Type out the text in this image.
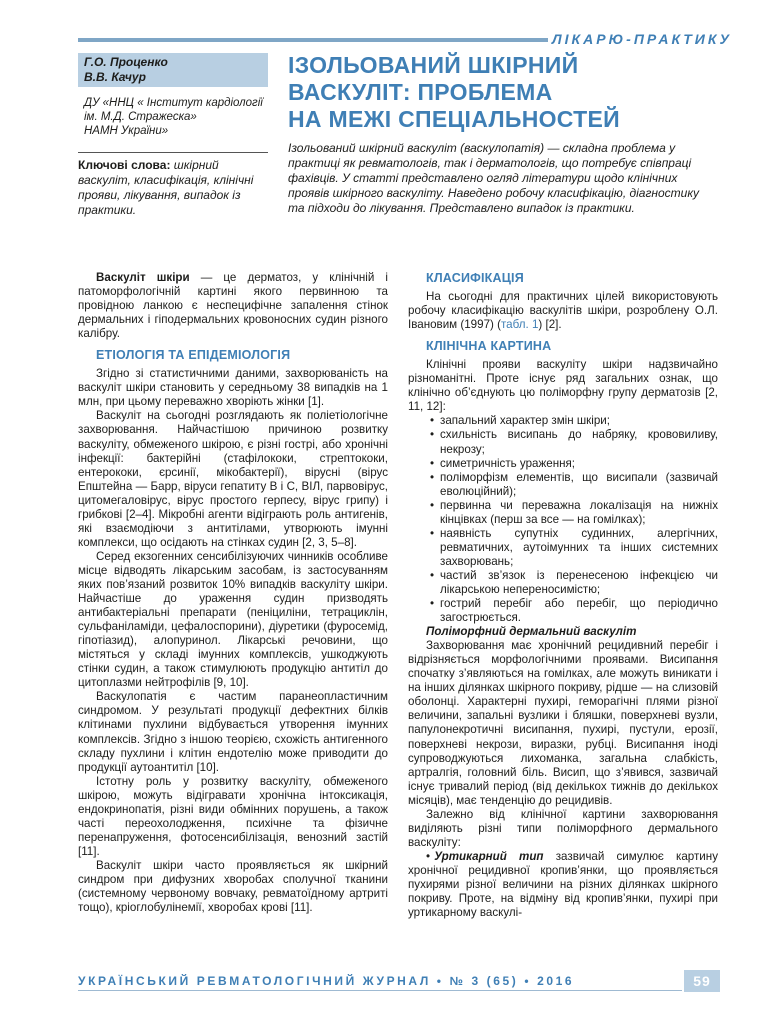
ЛІКАРЮ-ПРАКТИКУ
Г.О. Проценко
В.В. Качур
ДУ «ННЦ « Інститут кардіології
ім. М.Д. Стражеска»
НАМН України»
Ключові слова: шкірний васкуліт, класифікація, клінічні прояви, лікування, випадок із практики.
ІЗОЛЬОВАНИЙ ШКІРНИЙ
ВАСКУЛІТ: ПРОБЛЕМА
НА МЕЖІ СПЕЦІАЛЬНОСТЕЙ
Ізольований шкірний васкуліт (васкулопатія) — складна проблема у практиці як ревматологів, так і дерматологів, що потребує співпраці фахівців. У статті представлено огляд літератури щодо клінічних проявів шкірного васкуліту. Наведено робочу класифікацію, діагностику та підходи до лікування. Представлено випадок із практики.

Васкуліт шкіри — це дерматоз, у клінічній і патоморфологічній картині якого первинною та провідною ланкою є неспецифічне запалення стінок дермальних і гіподермальних кровоносних судин різного калібру.

ЕТІОЛОГІЯ ТА ЕПІДЕМІОЛОГІЯ

Згідно зі статистичними даними, захворюваність на васкуліт шкіри становить у середньому 38 випадків на 1 млн, при цьому переважно хворіють жінки [1].

Васкуліт на сьогодні розглядають як поліетіологічне захворювання. Найчастішою причиною розвитку васкуліту, обмеженого шкірою, є різні гострі, або хронічні інфекції: бактерійні (стафілококи, стрептококи, ентерококи, єрсинії, мікобактерії), вірусні (вірус Епштейна — Барр, віруси гепатиту В і С, ВІЛ, парвовірус, цитомегаловірус, вірус простого герпесу, вірус грипу) і грибкові [2–4]. Мікробні агенти відіграють роль антигенів, які взаємодіючи з антитілами, утворюють імунні комплекси, що осідають на стінках судин [2, 3, 5–8].

Серед екзогенних сенсибілізуючих чинників особливе місце відводять лікарським засобам, із застосуванням яких пов’язаний розвиток 10% випадків васкуліту шкіри. Найчастіше до ураження судин призводять антибактеріальні препарати (пеніциліни, тетрациклін, сульфаніламіди, цефалоспорини), діуретики (фуросемід, гіпотіазид), алопуринол. Лікарські речовини, що містяться у складі імунних комплексів, ушкоджують стінки судин, а також стимулюють продукцію антитіл до цитоплазми нейтрофілів [9, 10].

Васкулопатія є частим паранеопластичним синдромом. У результаті продукції дефектних білків клітинами пухлини відбувається утворення імунних комплексів. Згідно з іншою теорією, схожість антигенного складу пухлини і клітин ендотелію може приводити до продукції аутоантитіл [10].

Істотну роль у розвитку васкуліту, обмеженого шкірою, можуть відігравати хронічна інтоксикація, ендокринопатія, різні види обмінних порушень, а також часті переохолодження, психічне та фізичне перенапруження, фотосенсибілізація, венозний застій [11].

Васкуліт шкіри часто проявляється як шкірний синдром при дифузних хворобах сполучної тканини (системному червоному вовчаку, ревматоїдному артриті тощо), кріоглобулінемії, хворобах крові [11].

КЛАСИФІКАЦІЯ

На сьогодні для практичних цілей використовують робочу класифікацію васкулітів шкіри, розроблену О.Л. Івановим (1997) (табл. 1) [2].

КЛІНІЧНА КАРТИНА

Клінічні прояви васкуліту шкіри надзвичайно різноманітні. Проте існує ряд загальних ознак, що клінічно об’єднують цю поліморфну групу дерматозів [2, 11, 12]:

• запальний характер змін шкіри;
• схильність висипань до набряку, крововиливу, некрозу;
• симетричність ураження;
• поліморфізм елементів, що висипали (зазвичай еволюційний);
• первинна чи переважна локалізація на нижніх кінцівках (перш за все — на гомілках);
• наявність супутніх судинних, алергічних, ревматичних, аутоімунних та інших системних захворювань;
• частий зв’язок із перенесеною інфекцією чи лікарською непереносимістю;
• гострий перебіг або перебіг, що періодично загострюється.
Поліморфний дермальний васкуліт

Захворювання має хронічний рецидивний перебіг і відрізняється морфологічними проявами. Висипання спочатку з’являються на гомілках, але можуть виникати і на інших ділянках шкірного покриву, рідше — на слизовій оболонці. Характерні пухирі, геморагічні плями різної величини, запальні вузлики і бляшки, поверхневі вузли, папулонекротичні висипання, пухирі, пустули, ерозії, поверхневі некрози, виразки, рубці. Висипання іноді супроводжуються лихоманка, загальна слабкість, артралгія, головний біль. Висип, що з’явився, зазвичай існує тривалий період (від декількох тижнів до декількох місяців), має тенденцію до рецидивів.

Залежно від клінічної картини захворювання виділяють різні типи поліморфного дермального васкуліту:

• Уртикарний тип зазвичай симулює картину хронічної рецидивної кропив’янки, що проявляється пухирями різної величини на різних ділянках шкірного покриву. Проте, на відміну від кропив’янки, пухирі при уртикарному васкулі-

УКРАЇНСЬКИЙ РЕВМАТОЛОГІЧНИЙ ЖУРНАЛ • № 3 (65) • 2016	59
